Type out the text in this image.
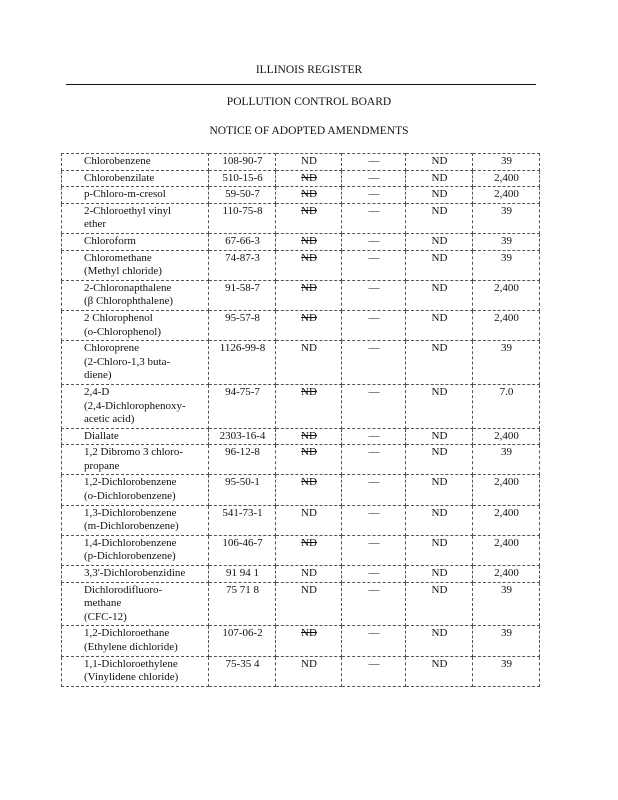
ILLINOIS REGISTER
POLLUTION CONTROL BOARD
NOTICE OF ADOPTED AMENDMENTS
Chlorobenzene	108-90-7	ND	—	ND	39

Chlorobenzilate	510-15-6	ND	—	ND	2,400

p-Chloro-m-cresol	59-50-7	ND	—	ND	2,400

2-Chloroethyl vinyl
ether	110-75-8	ND	—	ND	39

Chloroform	67-66-3	ND	—	ND	39

Chloromethane
(Methyl chloride)	74-87-3	ND	—	ND	39

2-Chloronapthalene
(β Chlorophthalene)	91-58-7	ND	—	ND	2,400

2 Chlorophenol
(o-Chlorophenol)	95-57-8	ND	—	ND	2,400

Chloroprene
(2-Chloro-1,3 buta-
diene)	1126-99-8	ND	—	ND	39

2,4-D
(2,4-Dichlorophenoxy-
acetic acid)	94-75-7	ND	—	ND	7.0

Diallate	2303-16-4	ND	—	ND	2,400

1,2 Dibromo 3 chloro-
propane	96-12-8	ND	—	ND	39

1,2-Dichlorobenzene
(o-Dichlorobenzene)	95-50-1	ND	—	ND	2,400

1,3-Dichlorobenzene
(m-Dichlorobenzene)	541-73-1	ND	—	ND	2,400

1,4-Dichlorobenzene
(p-Dichlorobenzene)	106-46-7	ND	—	ND	2,400

3,3'-Dichlorobenzidine	91 94 1	ND	—	ND	2,400

Dichlorodifluoro-
methane
(CFC-12)	75 71 8	ND	—	ND	39

1,2-Dichloroethane
(Ethylene dichloride)	107-06-2	ND	—	ND	39

1,1-Dichloroethylene
(Vinylidene chloride)	75-35 4	ND	—	ND	39
